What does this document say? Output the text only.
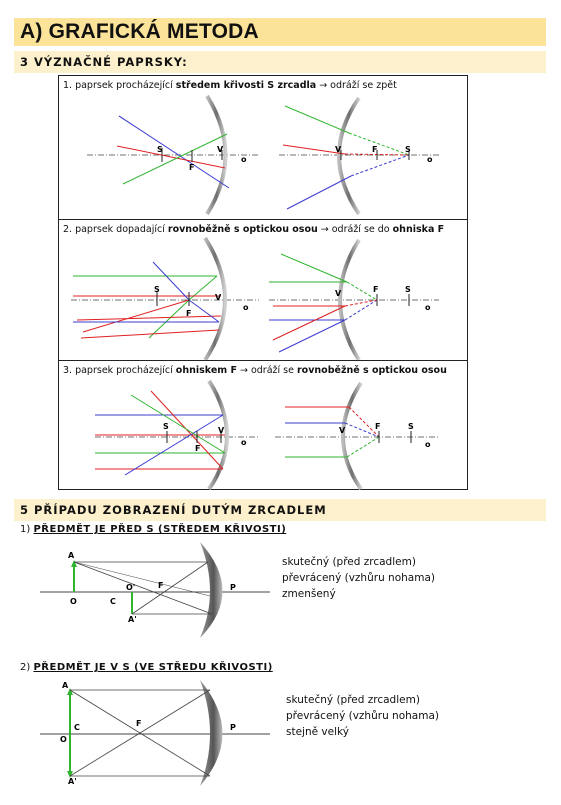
A) GRAFICKÁ METODA
3 VÝZNAČNÉ PAPRSKY:
1. paprsek procházející středem křivosti S zrcadla → odráží se zpět
S
F
V
o
V	F	S
o
2. paprsek dopadající rovnoběžně s optickou osou → odráží se do ohniska F
S
F
V
o
V	F	S
o
3. paprsek procházející ohniskem F → odráží se rovnoběžně s optickou osou
S
F
V
o
V	F	S
o
5 PŘÍPADU ZOBRAZENÍ DUTÝM ZRCADLEM
1) PŘEDMĚT JE PŘED S (STŘEDEM KŘIVOSTI)
A
O
O'
C
F
A'
P
skutečný (před zrcadlem)
převrácený (vzhůru nohama)
zmenšený
2) PŘEDMĚT JE V S (VE STŘEDU KŘIVOSTI)
A
O
C	F
A'
P
skutečný (před zrcadlem)
převrácený (vzhůru nohama)
stejně velký
